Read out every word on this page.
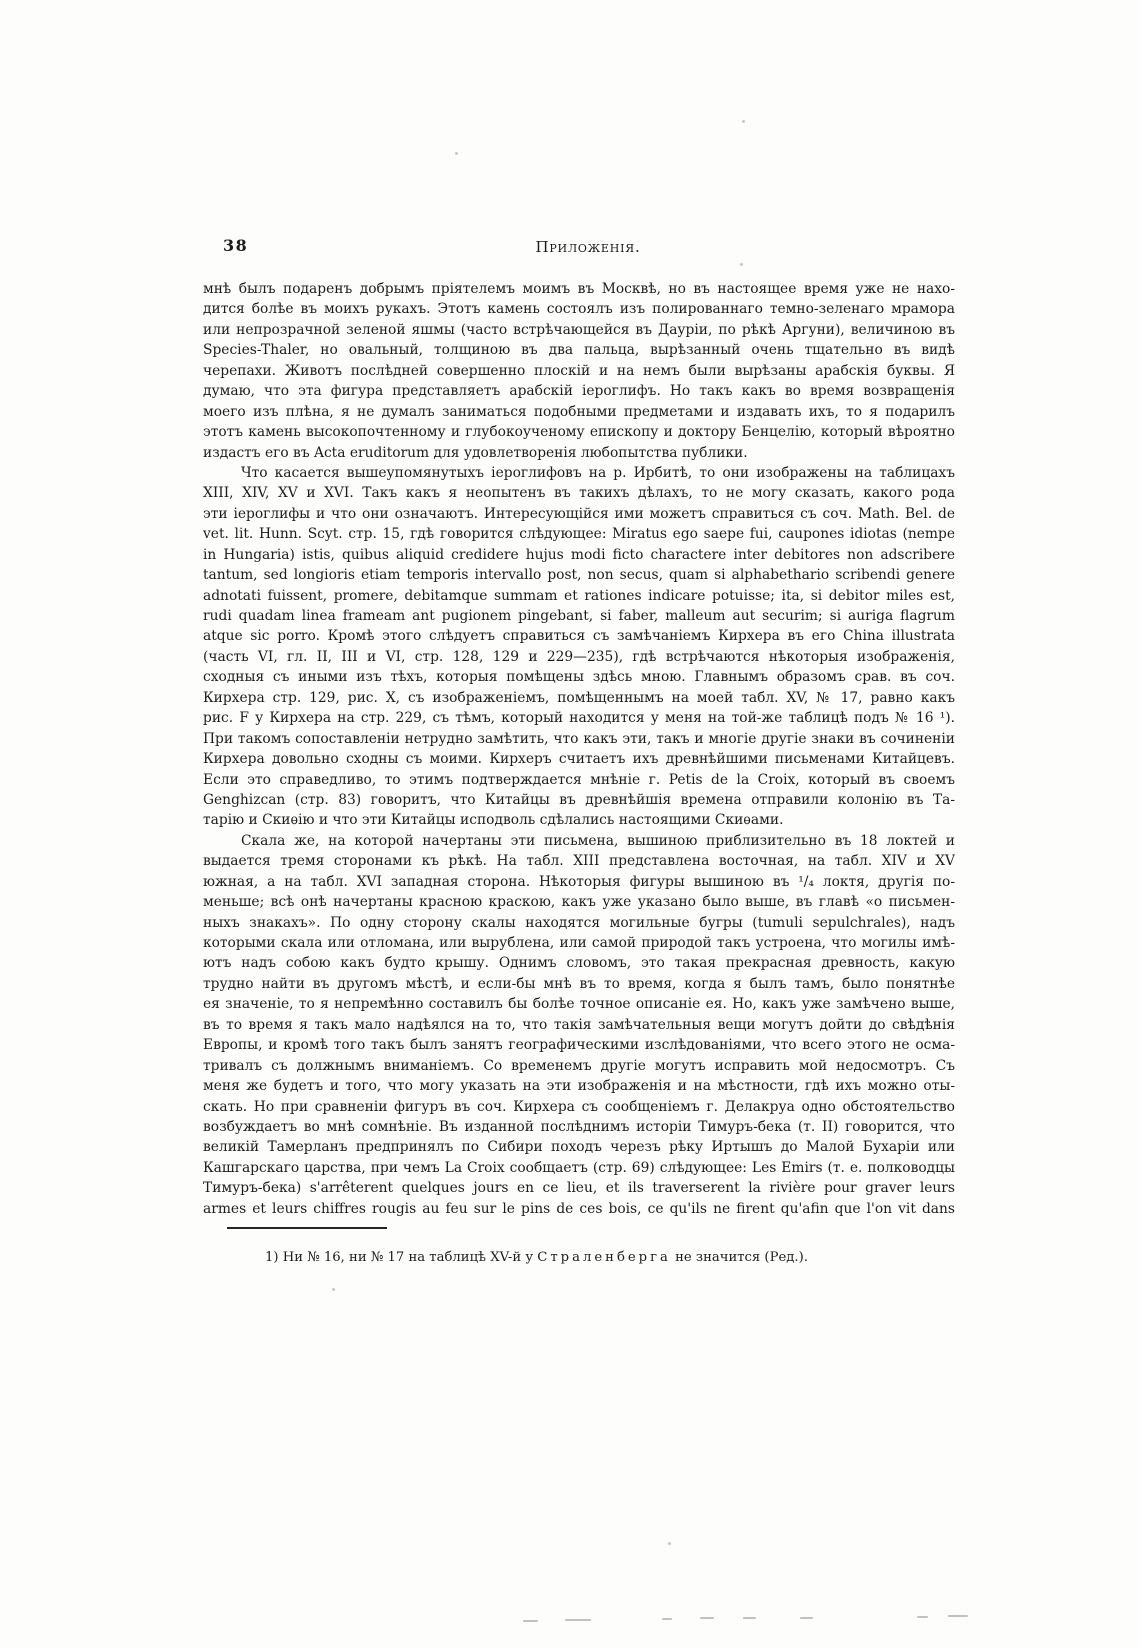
38	Приложенія.
мнѣ былъ подаренъ добрымъ пріятелемъ моимъ въ Москвѣ, но въ настоящее время уже не нахо-
дится болѣе въ моихъ рукахъ. Этотъ камень состоялъ изъ полированнаго темно-зеленаго мрамора
или непрозрачной зеленой яшмы (часто встрѣчающейся въ Дауріи, по рѣкѣ Аргуни), величиною въ
Species-Thaler, но овальный, толщиною въ два пальца, вырѣзанный очень тщательно въ видѣ
черепахи. Животъ послѣдней совершенно плоскій и на немъ были вырѣзаны арабскія буквы. Я
думаю, что эта фигура представляетъ арабскій іероглифъ. Но такъ какъ во время возвращенія
моего изъ плѣна, я не думалъ заниматься подобными предметами и издавать ихъ, то я подарилъ
этотъ камень высокопочтенному и глубокоученому епископу и доктору Бенцелію, который вѣроятно
издастъ его въ Acta eruditorum для удовлетворенія любопытства публики.
Что касается вышеупомянутыхъ іероглифовъ на р. Ирбитѣ, то они изображены на таблицахъ
XIII, XIV, XV и XVI. Такъ какъ я неопытенъ въ такихъ дѣлахъ, то не могу сказать, какого рода
эти іероглифы и что они означаютъ. Интересующійся ими можетъ справиться съ соч. Math. Bel. de
vet. lit. Hunn. Scyt. стр. 15, гдѣ говорится слѣдующее: Miratus ego saepe fui, caupones idiotas (nempe
in Hungaria) istis, quibus aliquid credidere hujus modi ficto charactere inter debitores non adscribere
tantum, sed longioris etiam temporis intervallo post, non secus, quam si alphabethario scribendi genere
adnotati fuissent, promere, debitamque summam et rationes indicare potuisse; ita, si debitor miles est,
rudi quadam linea frameam ant pugionem pingebant, si faber, malleum aut securim; si auriga flagrum
atque sic porro. Кромѣ этого слѣдуетъ справиться съ замѣчаніемъ Кирхера въ его China illustrata
(часть VI, гл. II, III и VI, стр. 128, 129 и 229—235), гдѣ встрѣчаются нѣкоторыя изображенія,
сходныя съ иными изъ тѣхъ, которыя помѣщены здѣсь мною. Главнымъ образомъ срав. въ соч.
Кирхера стр. 129, рис. X, съ изображеніемъ, помѣщеннымъ на моей табл. XV, № 17, равно какъ
рис. F у Кирхера на стр. 229, съ тѣмъ, который находится у меня на той-же таблицѣ подъ № 16 ¹).
При такомъ сопоставленіи нетрудно замѣтить, что какъ эти, такъ и многіе другіе знаки въ сочиненіи
Кирхера довольно сходны съ моими. Кирхеръ считаетъ ихъ древнѣйшими письменами Китайцевъ.
Если это справедливо, то этимъ подтверждается мнѣніе г. Petis de la Croix, который въ своемъ
Genghizcan (стр. 83) говоритъ, что Китайцы въ древнѣйшія времена отправили колонію въ Та-
тарію и Скиѳію и что эти Китайцы исподволь сдѣлались настоящими Скиѳами.
Скала же, на которой начертаны эти письмена, вышиною приблизительно въ 18 локтей и
выдается тремя сторонами къ рѣкѣ. На табл. XIII представлена восточная, на табл. XIV и XV
южная, а на табл. XVI западная сторона. Нѣкоторыя фигуры вышиною въ ¹/₄ локтя, другія по-
меньше; всѣ онѣ начертаны красною краскою, какъ уже указано было выше, въ главѣ «о письмен-
ныхъ знакахъ». По одну сторону скалы находятся могильные бугры (tumuli sepulchrales), надъ
которыми скала или отломана, или вырублена, или самой природой такъ устроена, что могилы имѣ-
ютъ надъ собою какъ будто крышу. Однимъ словомъ, это такая прекрасная древность, какую
трудно найти въ другомъ мѣстѣ, и если-бы мнѣ въ то время, когда я былъ тамъ, было понятнѣе
ея значеніе, то я непремѣнно составилъ бы болѣе точное описаніе ея. Но, какъ уже замѣчено выше,
въ то время я такъ мало надѣялся на то, что такія замѣчательныя вещи могутъ дойти до свѣдѣнія
Европы, и кромѣ того такъ былъ занятъ географическими изслѣдованіями, что всего этого не осма-
тривалъ съ должнымъ вниманіемъ. Со временемъ другіе могутъ исправить мой недосмотръ. Съ
меня же будетъ и того, что могу указать на эти изображенія и на мѣстности, гдѣ ихъ можно оты-
скать. Но при сравненіи фигуръ въ соч. Кирхера съ сообщеніемъ г. Делакруа одно обстоятельство
возбуждаетъ во мнѣ сомнѣніе. Въ изданной послѣднимъ исторіи Тимуръ-бека (т. II) говорится, что
великій Тамерланъ предпринялъ по Сибири походъ черезъ рѣку Иртышъ до Малой Бухаріи или
Кашгарскаго царства, при чемъ La Croix сообщаетъ (стр. 69) слѣдующее: Les Emirs (т. е. полководцы
Тимуръ-бека) s'arrêterent quelques jours en ce lieu, et ils traverserent la rivière pour graver leurs
armes et leurs chiffres rougis au feu sur le pins de ces bois, ce qu'ils ne firent qu'afin que l'on vit dans
1) Ни № 16, ни № 17 на таблицѣ XV-й у Страленберга не значится (Ред.).
